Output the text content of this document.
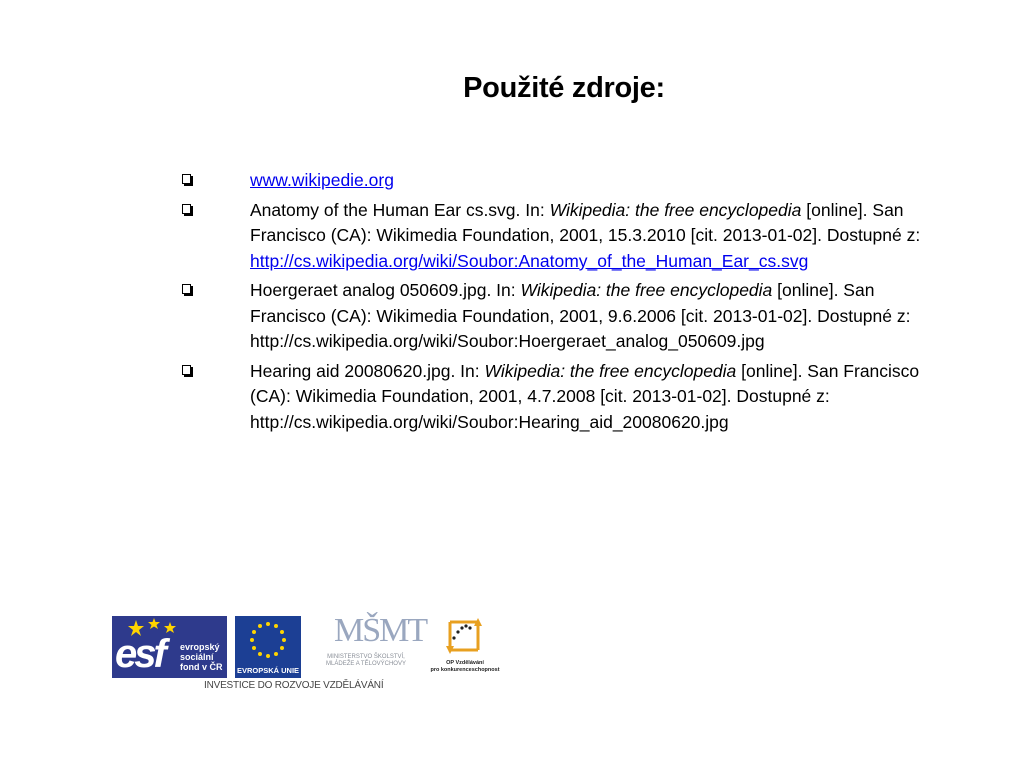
Použité zdroje:
www.wikipedie.org
Anatomy of the Human Ear cs.svg. In: Wikipedia: the free encyclopedia [online]. San Francisco (CA): Wikimedia Foundation, 2001, 15.3.2010 [cit. 2013-01-02]. Dostupné z: http://cs.wikipedia.org/wiki/Soubor:Anatomy_of_the_Human_Ear_cs.svg
Hoergeraet analog 050609.jpg. In: Wikipedia: the free encyclopedia [online]. San Francisco (CA): Wikimedia Foundation, 2001, 9.6.2006 [cit. 2013-01-02]. Dostupné z: http://cs.wikipedia.org/wiki/Soubor:Hoergeraet_analog_050609.jpg
Hearing aid 20080620.jpg. In: Wikipedia: the free encyclopedia [online]. San Francisco (CA): Wikimedia Foundation, 2001, 4.7.2008 [cit. 2013-01-02]. Dostupné z: http://cs.wikipedia.org/wiki/Soubor:Hearing_aid_20080620.jpg
esf evropský
sociální
fond v ČR EVROPSKÁ UNIE
MŠMT
MINISTERSTVO ŠKOLSTVÍ,
MLÁDEŽE A TĚLOVÝCHOVY	OP Vzdělávání
pro konkurenceschopnost
INVESTICE DO ROZVOJE VZDĚLÁVÁNÍ
